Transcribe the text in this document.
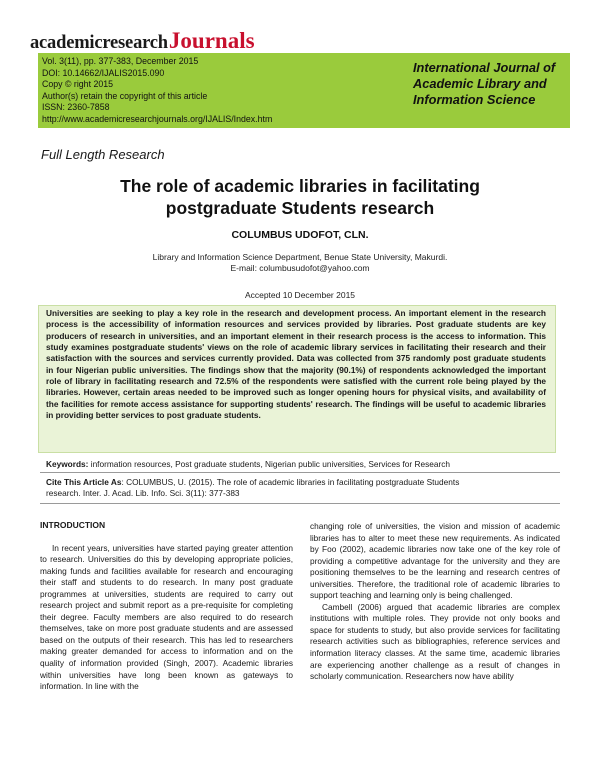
academicresearchJournals
Vol. 3(11), pp. 377-383, December 2015
DOI: 10.14662/IJALIS2015.090
Copy © right 2015
Author(s) retain the copyright of this article
ISSN: 2360-7858
http://www.academicresearchjournals.org/IJALIS/Index.htm
International Journal of
Academic Library and
Information Science
Full Length Research
The role of academic libraries in facilitating
postgraduate Students research
COLUMBUS UDOFOT, CLN.
Library and Information Science Department, Benue State University, Makurdi.
E-mail: columbusudofot@yahoo.com
Accepted 10 December 2015
Universities are seeking to play a key role in the research and development process. An important element in the research process is the accessibility of information resources and services provided by libraries. Post graduate students are key producers of research in universities, and an important element in their research process is the access to information. This study examines postgraduate students' views on the role of academic library services in facilitating their research and their satisfaction with the sources and services currently provided. Data was collected from 375 randomly post graduate students in four Nigerian public universities. The findings show that the majority (90.1%) of respondents acknowledged the important role of library in facilitating research and 72.5% of the respondents were satisfied with the current role being played by the libraries. However, certain areas needed to be improved such as longer opening hours for physical visits, and availability of the facilities for remote access assistance for supporting students' research. The findings will be useful to academic libraries in providing better services to post graduate students.
Keywords: information resources, Post graduate students, Nigerian public universities, Services for Research
Cite This Article As: COLUMBUS, U. (2015). The role of academic libraries in facilitating postgraduate Students
research. Inter. J. Acad. Lib. Info. Sci. 3(11): 377-383
INTRODUCTION
In recent years, universities have started paying greater attention to research. Universities do this by developing appropriate policies, making funds and facilities available for research and encouraging their staff and students to do research. In many post graduate programmes at universities, students are required to carry out research project and submit report as a pre-requisite for completing their degree. Faculty members are also required to do research themselves, take on more post graduate students and are assessed based on the outputs of their research. This has led to researchers making greater demanded for access to information and on the quality of information provided (Singh, 2007). Academic libraries within universities have long been known as gateways to information. In line with the
changing role of universities, the vision and mission of academic libraries has to alter to meet these new requirements. As indicated by Foo (2002), academic libraries now take one of the key role of providing a competitive advantage for the university and they are positioning themselves to be the learning and research centres of universities. Therefore, the traditional role of academic libraries to support teaching and learning only is being challenged.
Cambell (2006) argued that academic libraries are complex institutions with multiple roles. They provide not only books and space for students to study, but also provide services for facilitating research activities such as bibliographies, reference services and information literacy classes. At the same time, academic libraries are experiencing another challenge as a result of changes in scholarly communication. Researchers now have ability
